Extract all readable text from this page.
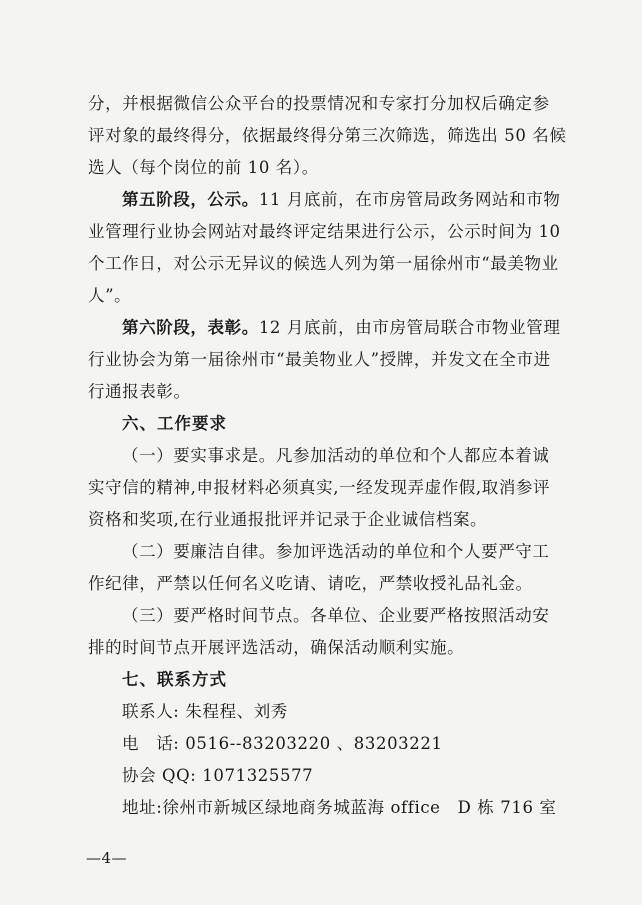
分，并根据微信公众平台的投票情况和专家打分加权后确定参
评对象的最终得分，依据最终得分第三次筛选，筛选出 50 名候
选人（每个岗位的前 10 名）。
第五阶段，公示。11 月底前，在市房管局政务网站和市物
业管理行业协会网站对最终评定结果进行公示，公示时间为 10
个工作日，对公示无异议的候选人列为第一届徐州市“最美物业
人”。
第六阶段，表彰。12 月底前，由市房管局联合市物业管理
行业协会为第一届徐州市“最美物业人”授牌，并发文在全市进
行通报表彰。
六、工作要求
（一）要实事求是。凡参加活动的单位和个人都应本着诚
实守信的精神,申报材料必须真实,一经发现弄虚作假,取消参评
资格和奖项,在行业通报批评并记录于企业诚信档案。
（二）要廉洁自律。参加评选活动的单位和个人要严守工
作纪律，严禁以任何名义吃请、请吃，严禁收授礼品礼金。
（三）要严格时间节点。各单位、企业要严格按照活动安
排的时间节点开展评选活动，确保活动顺利实施。
七、联系方式
联系人: 朱程程、刘秀
电　话: 0516--83203220 、83203221
协会 QQ: 1071325577
地址:徐州市新城区绿地商务城蓝海 office　D 栋 716 室
—4—
